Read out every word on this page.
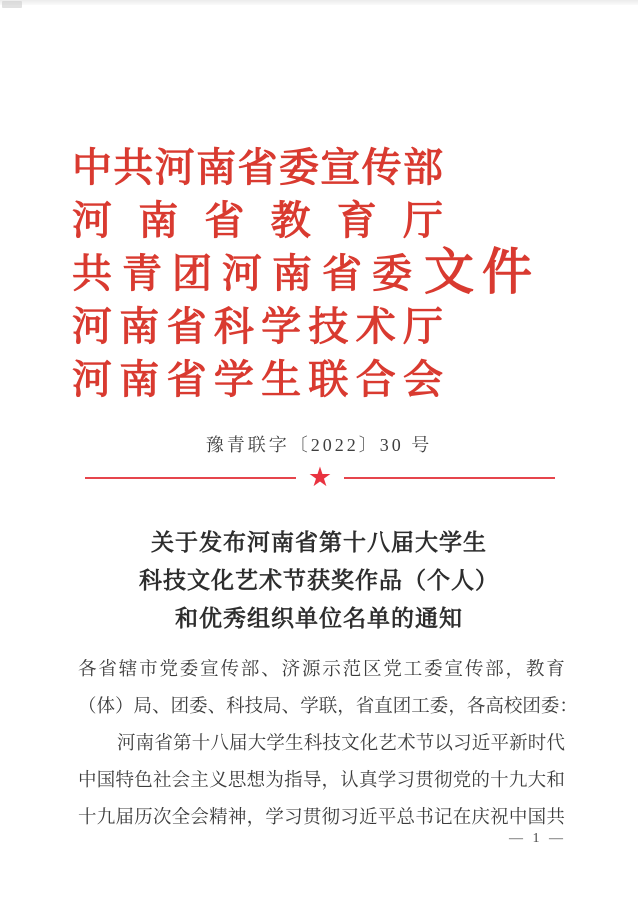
中 共 河 南 省 委 宣 传 部
河 南 省 教 育 厅
共 青 团 河 南 省 委 文件
河 南 省 科 学 技 术 厅
河 南 省 学 生 联 合 会
豫青联字〔2022〕30 号
★
关于发布河南省第十八届大学生
科技文化艺术节获奖作品（个人）
和优秀组织单位名单的通知
各 省 辖 市 党 委 宣 传 部 、 济 源 示 范 区 党 工 委 宣 传 部 ， 教 育
（ 体 ） 局 、 团 委 、 科 技 局 、 学 联 ， 省 直 团 工 委 ， 各 高 校 团 委 ：
河 南 省 第 十 八 届 大 学 生 科 技 文 化 艺 术 节 以 习 近 平 新 时 代
中 国 特 色 社 会 主 义 思 想 为 指 导 ， 认 真 学 习 贯 彻 党 的 十 九 大 和
十 九 届 历 次 全 会 精 神 ， 学 习 贯 彻 习 近 平 总 书 记 在 庆 祝 中 国 共
— 1 —
